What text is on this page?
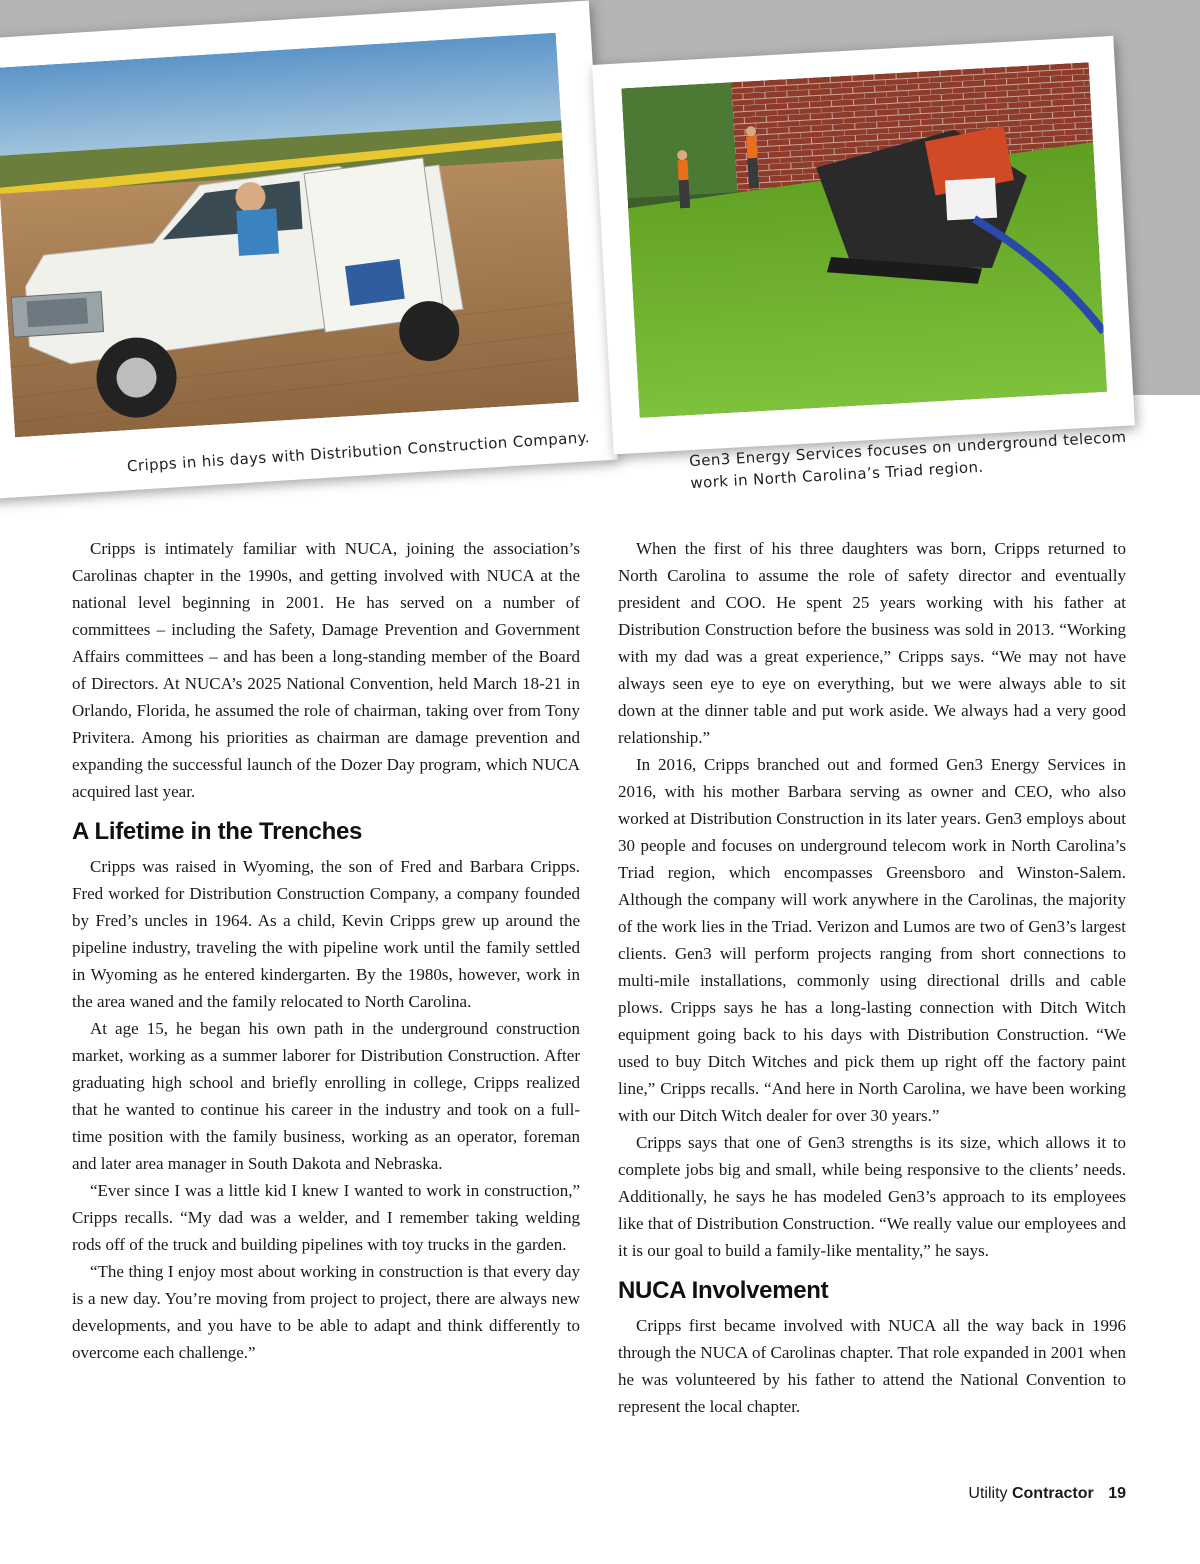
Cripps in his days with Distribution Construction Company.	Gen3 Energy Services focuses on underground telecom work in North Carolina’s Triad region.

Cripps is intimately familiar with NUCA, joining the association’s Carolinas chapter in the 1990s, and getting involved with NUCA at the national level beginning in 2001. He has served on a number of committees – including the Safety, Damage Prevention and Government Affairs committees – and has been a long-standing member of the Board of Directors. At NUCA’s 2025 National Convention, held March 18-21 in Orlando, Florida, he assumed the role of chairman, taking over from Tony Privitera. Among his priorities as chairman are damage prevention and expanding the successful launch of the Dozer Day program, which NUCA acquired last year.

A Lifetime in the Trenches

Cripps was raised in Wyoming, the son of Fred and Barbara Cripps. Fred worked for Distribution Construction Company, a company founded by Fred’s uncles in 1964. As a child, Kevin Cripps grew up around the pipeline industry, traveling the with pipeline work until the family settled in Wyoming as he entered kindergarten. By the 1980s, however, work in the area waned and the family relocated to North Carolina.

At age 15, he began his own path in the underground construction market, working as a summer laborer for Distribution Construction. After graduating high school and briefly enrolling in college, Cripps realized that he wanted to continue his career in the industry and took on a full-time position with the family business, working as an operator, foreman and later area manager in South Dakota and Nebraska.

“Ever since I was a little kid I knew I wanted to work in construction,” Cripps recalls. “My dad was a welder, and I remember taking welding rods off of the truck and building pipelines with toy trucks in the garden.

“The thing I enjoy most about working in construction is that every day is a new day. You’re moving from project to project, there are always new developments, and you have to be able to adapt and think differently to overcome each challenge.”

When the first of his three daughters was born, Cripps returned to North Carolina to assume the role of safety director and eventually president and COO. He spent 25 years working with his father at Distribution Construction before the business was sold in 2013. “Working with my dad was a great experience,” Cripps says. “We may not have always seen eye to eye on everything, but we were always able to sit down at the dinner table and put work aside. We always had a very good relationship.”

In 2016, Cripps branched out and formed Gen3 Energy Services in 2016, with his mother Barbara serving as owner and CEO, who also worked at Distribution Construction in its later years. Gen3 employs about 30 people and focuses on underground telecom work in North Carolina’s Triad region, which encompasses Greensboro and Winston-Salem. Although the company will work anywhere in the Carolinas, the majority of the work lies in the Triad. Verizon and Lumos are two of Gen3’s largest clients. Gen3 will perform projects ranging from short connections to multi-mile installations, commonly using directional drills and cable plows. Cripps says he has a long-lasting connection with Ditch Witch equipment going back to his days with Distribution Construction. “We used to buy Ditch Witches and pick them up right off the factory paint line,” Cripps recalls. “And here in North Carolina, we have been working with our Ditch Witch dealer for over 30 years.”

Cripps says that one of Gen3 strengths is its size, which allows it to complete jobs big and small, while being responsive to the clients’ needs. Additionally, he says he has modeled Gen3’s approach to its employees like that of Distribution Construction. “We really value our employees and it is our goal to build a family-like mentality,” he says.

NUCA Involvement

Cripps first became involved with NUCA all the way back in 1996 through the NUCA of Carolinas chapter. That role expanded in 2001 when he was volunteered by his father to attend the National Convention to represent the local chapter.

Utility Contractor 19
